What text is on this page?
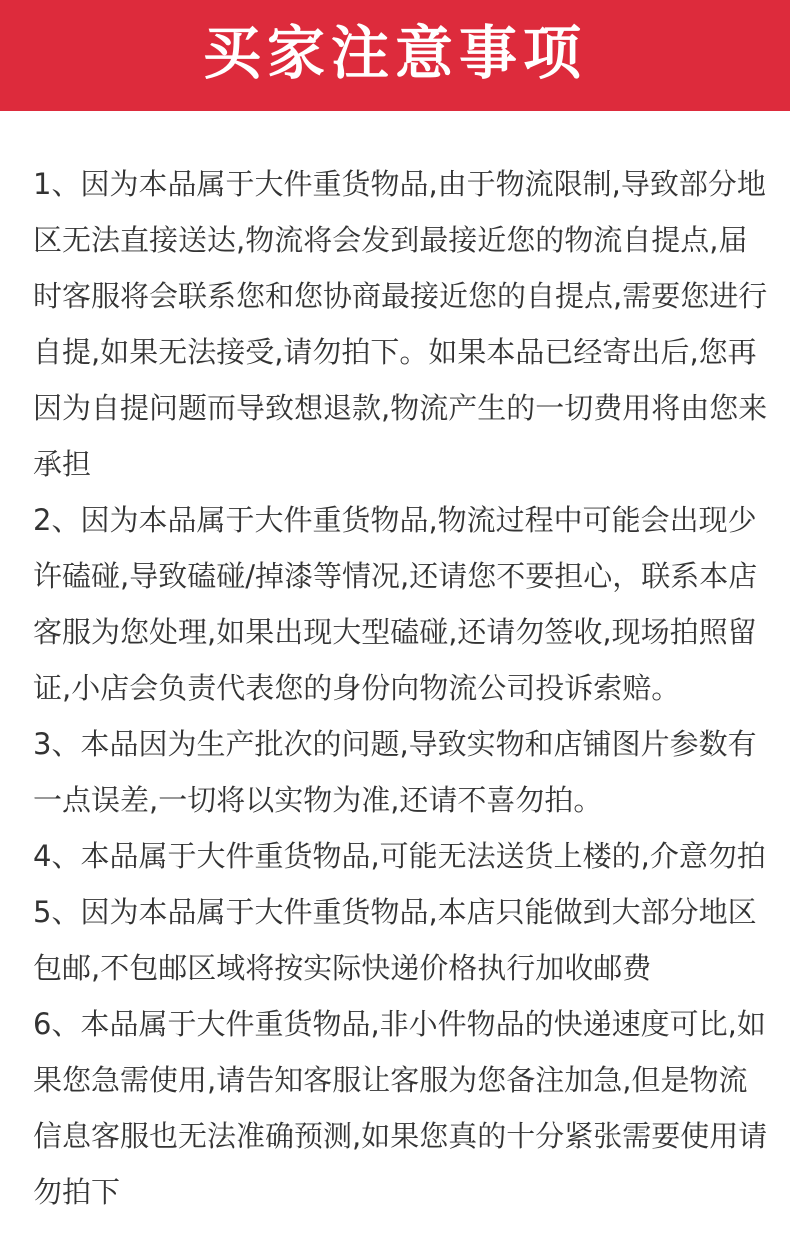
买家注意事项
1、因为本品属于大件重货物品,由于物流限制,导致部分地区无法直接送达,物流将会发到最接近您的物流自提点,届时客服将会联系您和您协商最接近您的自提点,需要您进行自提,如果无法接受,请勿拍下。如果本品已经寄出后,您再因为自提问题而导致想退款,物流产生的一切费用将由您来承担
2、因为本品属于大件重货物品,物流过程中可能会出现少许磕碰,导致磕碰/掉漆等情况,还请您不要担心，联系本店客服为您处理,如果出现大型磕碰,还请勿签收,现场拍照留证,小店会负责代表您的身份向物流公司投诉索赔。
3、本品因为生产批次的问题,导致实物和店铺图片参数有一点误差,一切将以实物为准,还请不喜勿拍。
4、本品属于大件重货物品,可能无法送货上楼的,介意勿拍
5、因为本品属于大件重货物品,本店只能做到大部分地区包邮,不包邮区域将按实际快递价格执行加收邮费
6、本品属于大件重货物品,非小件物品的快递速度可比,如果您急需使用,请告知客服让客服为您备注加急,但是物流信息客服也无法准确预测,如果您真的十分紧张需要使用请勿拍下
